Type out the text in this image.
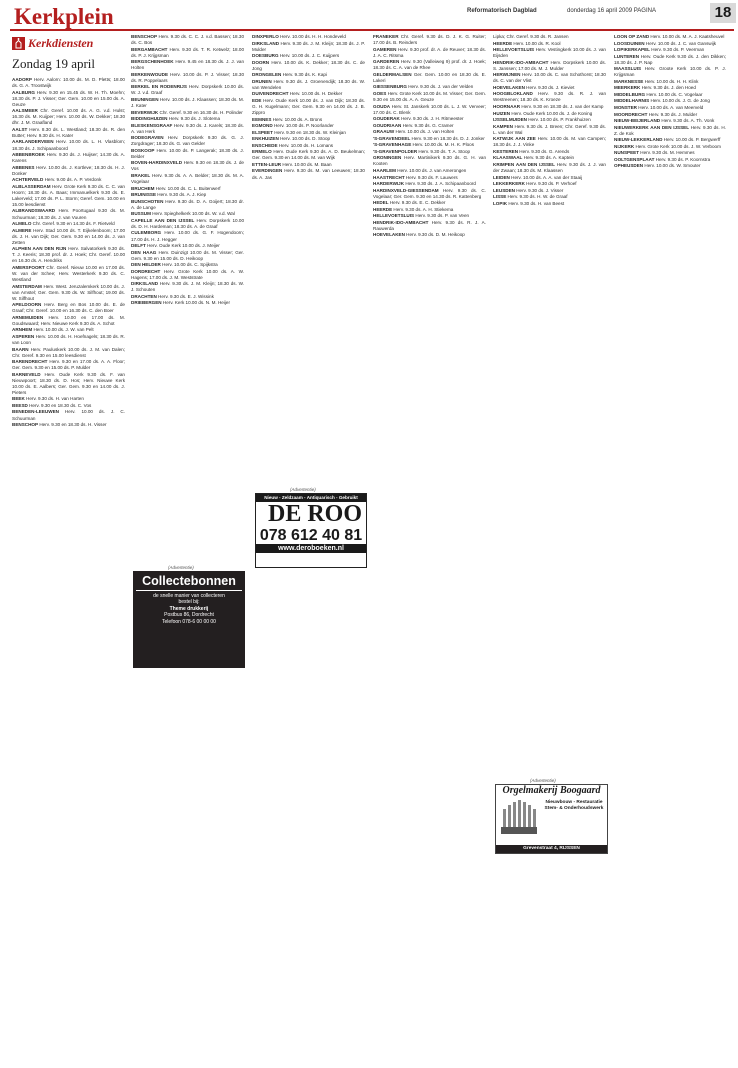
Kerkplein	Reformatorisch Dagblad	donderdag 16 april 2009 PAGINA	18
Kerkdiensten
Zondag 19 april

AADORP Herv. Aalorn: 10.00 ds. M. D. Pletts; 18.00 ds. G. A. Troostwijk

AALBURG Herv. 9.30 en 15.45 ds. W. H. Th. Moehn; 18.30 ds. P. J. Visser; Ger. Gem. 10.00 en 15.00 ds. A. Geuze

AALSMEER Chr. Geref. 10.00 ds. A. G. v.d. Hulst; 16.30 ds. M. Kuijper; Herv. 10.00 ds. W. Dekker; 18.30 dhr. J. M. Graafland

AALST Herv. 8.30 ds. L. Westland; 18.30 ds. R. den Butter; Herv. 9.30 ds. H. Kater

AARLANDERVEEN Herv. 10.00 ds. L. H. Vlasblom; 18.30 ds. J. Schipaanboord

ABBENBROEK Herv. 9.30 ds. J. Huijser; 14.30 ds. A. Karens

ABBENES Herv. 10.00 ds. J. Kortleve; 18.30 ds. H. J. Donker

ACHTERVELD Herv. 9.00 ds. A. P. Verdonk

ALBLASSERDAM Herv. Grote Kerk 9.30 ds. C. C. van Hoorn; 18.30 ds. A. Baas; Immanuelkerk 9.30 ds. E. Lakerveld; 17.00 ds. P. L. Storm; Geref. Gem. 10.00 en 15.00 leesdienst

ALBRANDSWAARD Herv. Poortugaal 9.30 ds. M. Schuurman; 18.30 ds. J. van Vuuren

ALMELO Chr. Geref. 9.30 en 14.30 ds. F. Rietveld

ALMERE Herv. Stad 10.00 ds. T. Eijkelenboom; 17.00 ds. J. H. van Dijk; Ger. Gem. 9.30 en 14.00 ds. J. van Zetten

ALPHEN AAN DEN RIJN Herv. Salvatorkerk 9.30 ds. T. J. Keeris; 18.30 prof. dr. J. Hoek; Chr. Geref. 10.00 en 16.30 ds. A. Hendriks

AMERSFOORT Chr. Geref. Nieuw 10.00 en 17.00 ds. W. van der Schee; Herv. Westerkerk 9.30 ds. C. Westland

AMSTERDAM Herv. West. Jeruzalemkerk 10.00 ds. J. van Amstel; Ger. Gem. 9.30 ds. W. Silfhout; 19.00 ds. W. Silfhout

APELDOORN Herv. Berg en Bos 10.00 ds. E. de Graaf; Chr. Geref. 10.00 en 16.30 ds. C. den Boer

ARNEMUIDEN Herv. 10.00 en 17.00 ds. M. Goudswaard; Herv. Nieuwe Kerk 9.30 ds. A. Schot

ARNHEM Herv. 10.00 ds. J. W. van Pelt

ASPEREN Herv. 10.00 ds. H. Hoefnagels; 18.30 ds. R. van Loon

BAARN Herv. Pauluskerk 10.00 ds. J. M. van Dalen; Chr. Geref. 9.30 en 15.00 leesdienst

BARENDRECHT Herv. 9.30 en 17.00 ds. A. A. Floor; Ger. Gem. 9.30 en 15.00 ds. P. Mulder

BARNEVELD Herv. Oude Kerk 9.30 ds. F. van Nieuwpoort; 18.30 ds. D. Hos; Herv. Nieuwe Kerk 10.00 ds. E. Aalbers; Ger. Gem. 9.30 en 14.00 ds. J. Pieters

BEEK Herv. 9.30 ds. H. van Harten

BEESD Herv. 9.30 en 18.30 ds. C. Vos

BENEDEN-LEEUWEN Herv. 10.00 ds. J. C. Schuurman

BENSCHOP Herv. 9.30 en 18.30 ds. H. Visser

BENSCHOP Herv. 9.30 ds. C. C. J. v.d. Bassen; 18.30 ds. C. Bos

BERGAMBACHT Herv. 9.30 ds. T. R. Ketwelz; 18.00 ds. P. J. Krijgsman

BERGSCHENHOEK Herv. 9.45 en 18.30 ds. J. J. van Holten

BERKENWOUDE Herv. 10.00 ds. P. J. Visser; 18.30 ds. R. Poppelaars

BERKEL EN RODENRIJS Herv. Dorpskerk 10.00 ds. W. J. v.d. Graaf

BEUNINGEN Herv. 10.00 ds. J. Klaassen; 18.30 ds. M. J. Kater

BEVERWIJK Chr. Geref. 9.30 en 16.30 ds. H. Polinder

BIDDINGHUIZEN Herv. 9.30 ds. J. Slotema

BLESKENSGRAAF Herv. 9.30 ds. J. Karels; 18.30 ds. A. van Herk

BODEGRAVEN Herv. Dorpskerk 9.30 ds. G. J. Zorgdrager; 18.30 ds. G. van Gelder

BOSKOOP Herv. 10.00 ds. P. Langerak; 18.30 ds. J. Belder

BOVEN-HARDINXVELD Herv. 9.30 en 18.30 ds. J. de Vos

BRAKEL Herv. 9.30 ds. A. A. Belder; 18.30 ds. M. A. Vogelaar

BRUCHEM Herv. 10.00 ds. C. L. Buitenwerf

BRUINISSE Herv. 9.30 ds. A. J. Kiep

BUNSCHOTEN Herv. 9.30 ds. D. A. Goijert; 18.30 dr. A. de Lange

BUSSUM Herv. Spieghelkerk 10.00 ds. W. v.d. Wal

CAPELLE AAN DEN IJSSEL Herv. Dorpskerk 10.00 ds. D. H. Hardeman; 18.30 ds. A. de Graaf

CULEMBORG Herv. 10.00 ds. G. F. Hogendoorn; 17.00 ds. H. J. Hegger

DELFT Herv. Oude Kerk 10.00 ds. J. Meijer

DEN HAAG Herv. Duinzigt 10.00 ds. M. Visser; Ger. Gem. 9.30 en 15.00 ds. D. Heikoop

DEN HELDER Herv. 10.00 ds. C. Spijkstra

DORDRECHT Herv. Grote Kerk 10.00 ds. A. W. Hagens; 17.00 ds. J. M. Weststrate

DIRKSLAND Herv. 9.30 ds. J. M. Kleijn; 18.30 ds. W. J. Schouten

DRACHTEN Herv. 9.30 ds. E. J. Wissink

DRIEBERGEN Herv. Kerk 10.00 ds. N. M. Heijer

DINXPERLO Herv. 10.00 ds. H. H. Hondeveld

DIRKSLAND Herv. 9.30 ds. J. M. Kleijn; 18.30 ds. J. P. Mulder

DOESBURG Herv. 10.00 ds. J. C. Kuijpers

DOORN Herv. 10.00 ds. K. Dekker; 18.30 ds. C. de Jong

DRONGELEN Herv. 9.30 ds. K. Kapi

DRUNEN Herv. 9.30 ds. J. Groenendijk; 18.30 ds. W. van Wendelen

DUIVENDRECHT Herv. 10.00 ds. H. Dekker

EDE Herv. Oude Kerk 10.00 ds. J. van Dijk; 18.30 ds. G. H. Kugelmann; Ger. Gem. 9.30 en 14.00 ds. J. B. Zippro

EEMNES Herv. 10.00 ds. A. Brons

EGMOND Herv. 10.00 ds. P. Noorlander

ELSPEET Herv. 9.30 en 18.30 ds. W. Kleinjan

ENKHUIZEN Herv. 10.00 ds. D. Stoop

ENSCHEDE Herv. 10.00 ds. H. Lomans

ERMELO Herv. Oude Kerk 9.30 ds. A. D. Beukelman; Ger. Gem. 9.30 en 14.00 ds. M. van Wijk

ETTEN-LEUR Herv. 10.00 ds. M. Baan

EVERDINGEN Herv. 9.30 ds. M. van Leeuwen; 18.30 ds. A. Jas

FRANEKER Chr. Geref. 9.30 ds. D. J. K. G. Ruiter; 17.00 ds. B. Reinders

GAMEREN Herv. 9.30 prof. dr. A. de Reuver; 18.30 ds. J. A. C. Ritsma

GARDEREN Herv. 9.30 (Valleiweg 9) prof. dr. J. Hoek; 18.30 ds. C. A. van de Rhee

GELDERMALSEN Ger. Gem. 10.00 en 18.30 ds. E. Lakeri

GIESSENBURG Herv. 9.30 ds. J. van der Velden

GOES Herv. Grote Kerk 10.00 ds. M. Visser; Ger. Gem. 9.30 en 15.00 ds. A. A. Geuze

GOUDA Herv. St. Janskerk 10.00 ds. L. J. W. Verveer; 17.00 ds. C. Blenk

GOUDERAK Herv. 9.30 ds. J. H. Ritmeester

GOUDRIAAN Herv. 9.30 ds. G. Cramer

GRAAUW Herv. 10.00 ds. J. van Holten

'S-GRAVENDEEL Herv. 9.30 en 18.30 ds. D. J. Jonker

'S-GRAVENHAGE Herv. 10.00 ds. M. H. K. Ploos

'S-GRAVENPOLDER Herv. 9.30 ds. T. A. Stoop

GRONINGEN Herv. Martinikerk 9.30 ds. G. H. van Kooten

HAARLEM Herv. 10.00 ds. J. van Amerongen

HAASTRECHT Herv. 9.30 ds. F. Lauwers

HARDERWIJK Herv. 9.30 ds. J. A. Schipaanboord

HARDINXVELD-GIESSENDAM Herv. 9.30 ds. C. Vogelaar; Ger. Gem. 9.30 en 14.30 ds. R. Kattenberg

HEDEL Herv. 9.30 ds. E. C. Dekker

HEERDE Herv. 9.30 ds. A. H. Stiekema

HELLEVOETSLUIS Herv. 9.30 ds. P. van Veen

HENDRIK-IDO-AMBACHT Herv. 9.30 ds. R. J. A. Rauwerda

HOEVELAKEN Herv. 9.30 ds. D. M. Heikoop

Lipka; Chr. Geref. 9.30 ds. R. Jansen

HEERDE Herv. 10.00 ds. R. Kool

HELLEVOETSLUIS Herv. Vestingkerk 10.00 ds. J. van Eijsden

HENDRIK-IDO-AMBACHT Herv. Dorpskerk 10.00 ds. S. Janssen; 17.00 ds. M. J. Mulder

HERWIJNEN Herv. 10.00 ds. C. van Schothorst; 18.30 ds. C. van der Vlist

HOEVELAKEN Herv. 9.30 ds. J. Kieviet

HOOGBLOKLAND Herv. 9.30 ds. R. J. van Westreenen; 18.30 ds. K. Kroeze

HOORNAAR Herv. 9.30 en 18.30 ds. J. van der Kamp

HUIZEN Herv. Oude Kerk 10.00 ds. J. de Koning

IJSSELMUIDEN Herv. 10.00 ds. P. Frankhuizen

KAMPEN Herv. 9.30 ds. J. Breen; Chr. Geref. 9.30 ds. L. van der Wal

KATWIJK AAN ZEE Herv. 10.00 ds. M. van Campen; 18.30 ds. J. J. Vinke

KESTEREN Herv. 9.30 ds. G. Arends

KLAASWAAL Herv. 9.30 ds. A. Kaptein

KRIMPEN AAN DEN IJSSEL Herv. 9.30 ds. J. J. van der Zwaan; 18.30 ds. M. Klaassen

LEIDEN Herv. 10.00 ds. A. A. van der Staaij

LEKKERKERK Herv. 9.30 ds. P. Verhoef

LEUSDEN Herv. 9.30 ds. J. Visser

LISSE Herv. 9.30 ds. H. W. de Graaf

LOPIK Herv. 9.30 ds. H. van Beest

LOON OP ZAND Herv. 10.00 ds. M. A. J. Kaatsheuvel

LOOSDUINEN Herv. 10.00 ds. J. C. van Ganswijk

LOPIKERKAPEL Herv. 9.30 ds. P. Veerman

LUNTEREN Herv. Oude Kerk 9.30 ds. J. den Dikken; 18.30 ds. J. P. Nap

MAASSLUIS Herv. Groote Kerk 10.00 ds. P. J. Krijgsman

MARKNESSE Herv. 10.00 ds. H. H. Klink

MEERKERK Herv. 9.30 ds. J. den Hoed

MIDDELBURG Herv. 10.00 ds. C. Vogelaar

MIDDELHARNIS Herv. 10.00 ds. J. G. de Jong

MONSTER Herv. 10.00 ds. A. van Meerveld

MOORDRECHT Herv. 9.30 ds. J. Mulder

NIEUW-BEIJERLAND Herv. 9.30 ds. A. Th. Vonk

NIEUWERKERK AAN DEN IJSSEL Herv. 9.30 ds. H. Z. de Kok

NIEUW-LEKKERLAND Herv. 10.00 ds. P. Bergwerff

NIJKERK Herv. Grote Kerk 10.00 ds. J. W. Verboom

NUNSPEET Herv. 9.30 ds. M. Hemmes

OOLTGENSPLAAT Herv. 9.30 ds. P. Koornstra

OPHEUSDEN Herv. 10.00 ds. W. Smouter

(Advertentie)
Nieuw - Zeldzaam - Antiquarisch - Gebruikt
DE ROO
078 612 40 81
www.deroboeken.nl
(Advertentie)
Collectebonnen
de snelle manier van collecteren
bestel bij:
Theme drukkerij
Postbus 86, Dordrecht
Telefoon 078-6 00 00 00
(Advertentie)
Orgelmakerij Boogaard
Nieuwbouw - Restauratie
Stem- & Onderhoudswerk
Grevenstraat 4, RIJSSEN
